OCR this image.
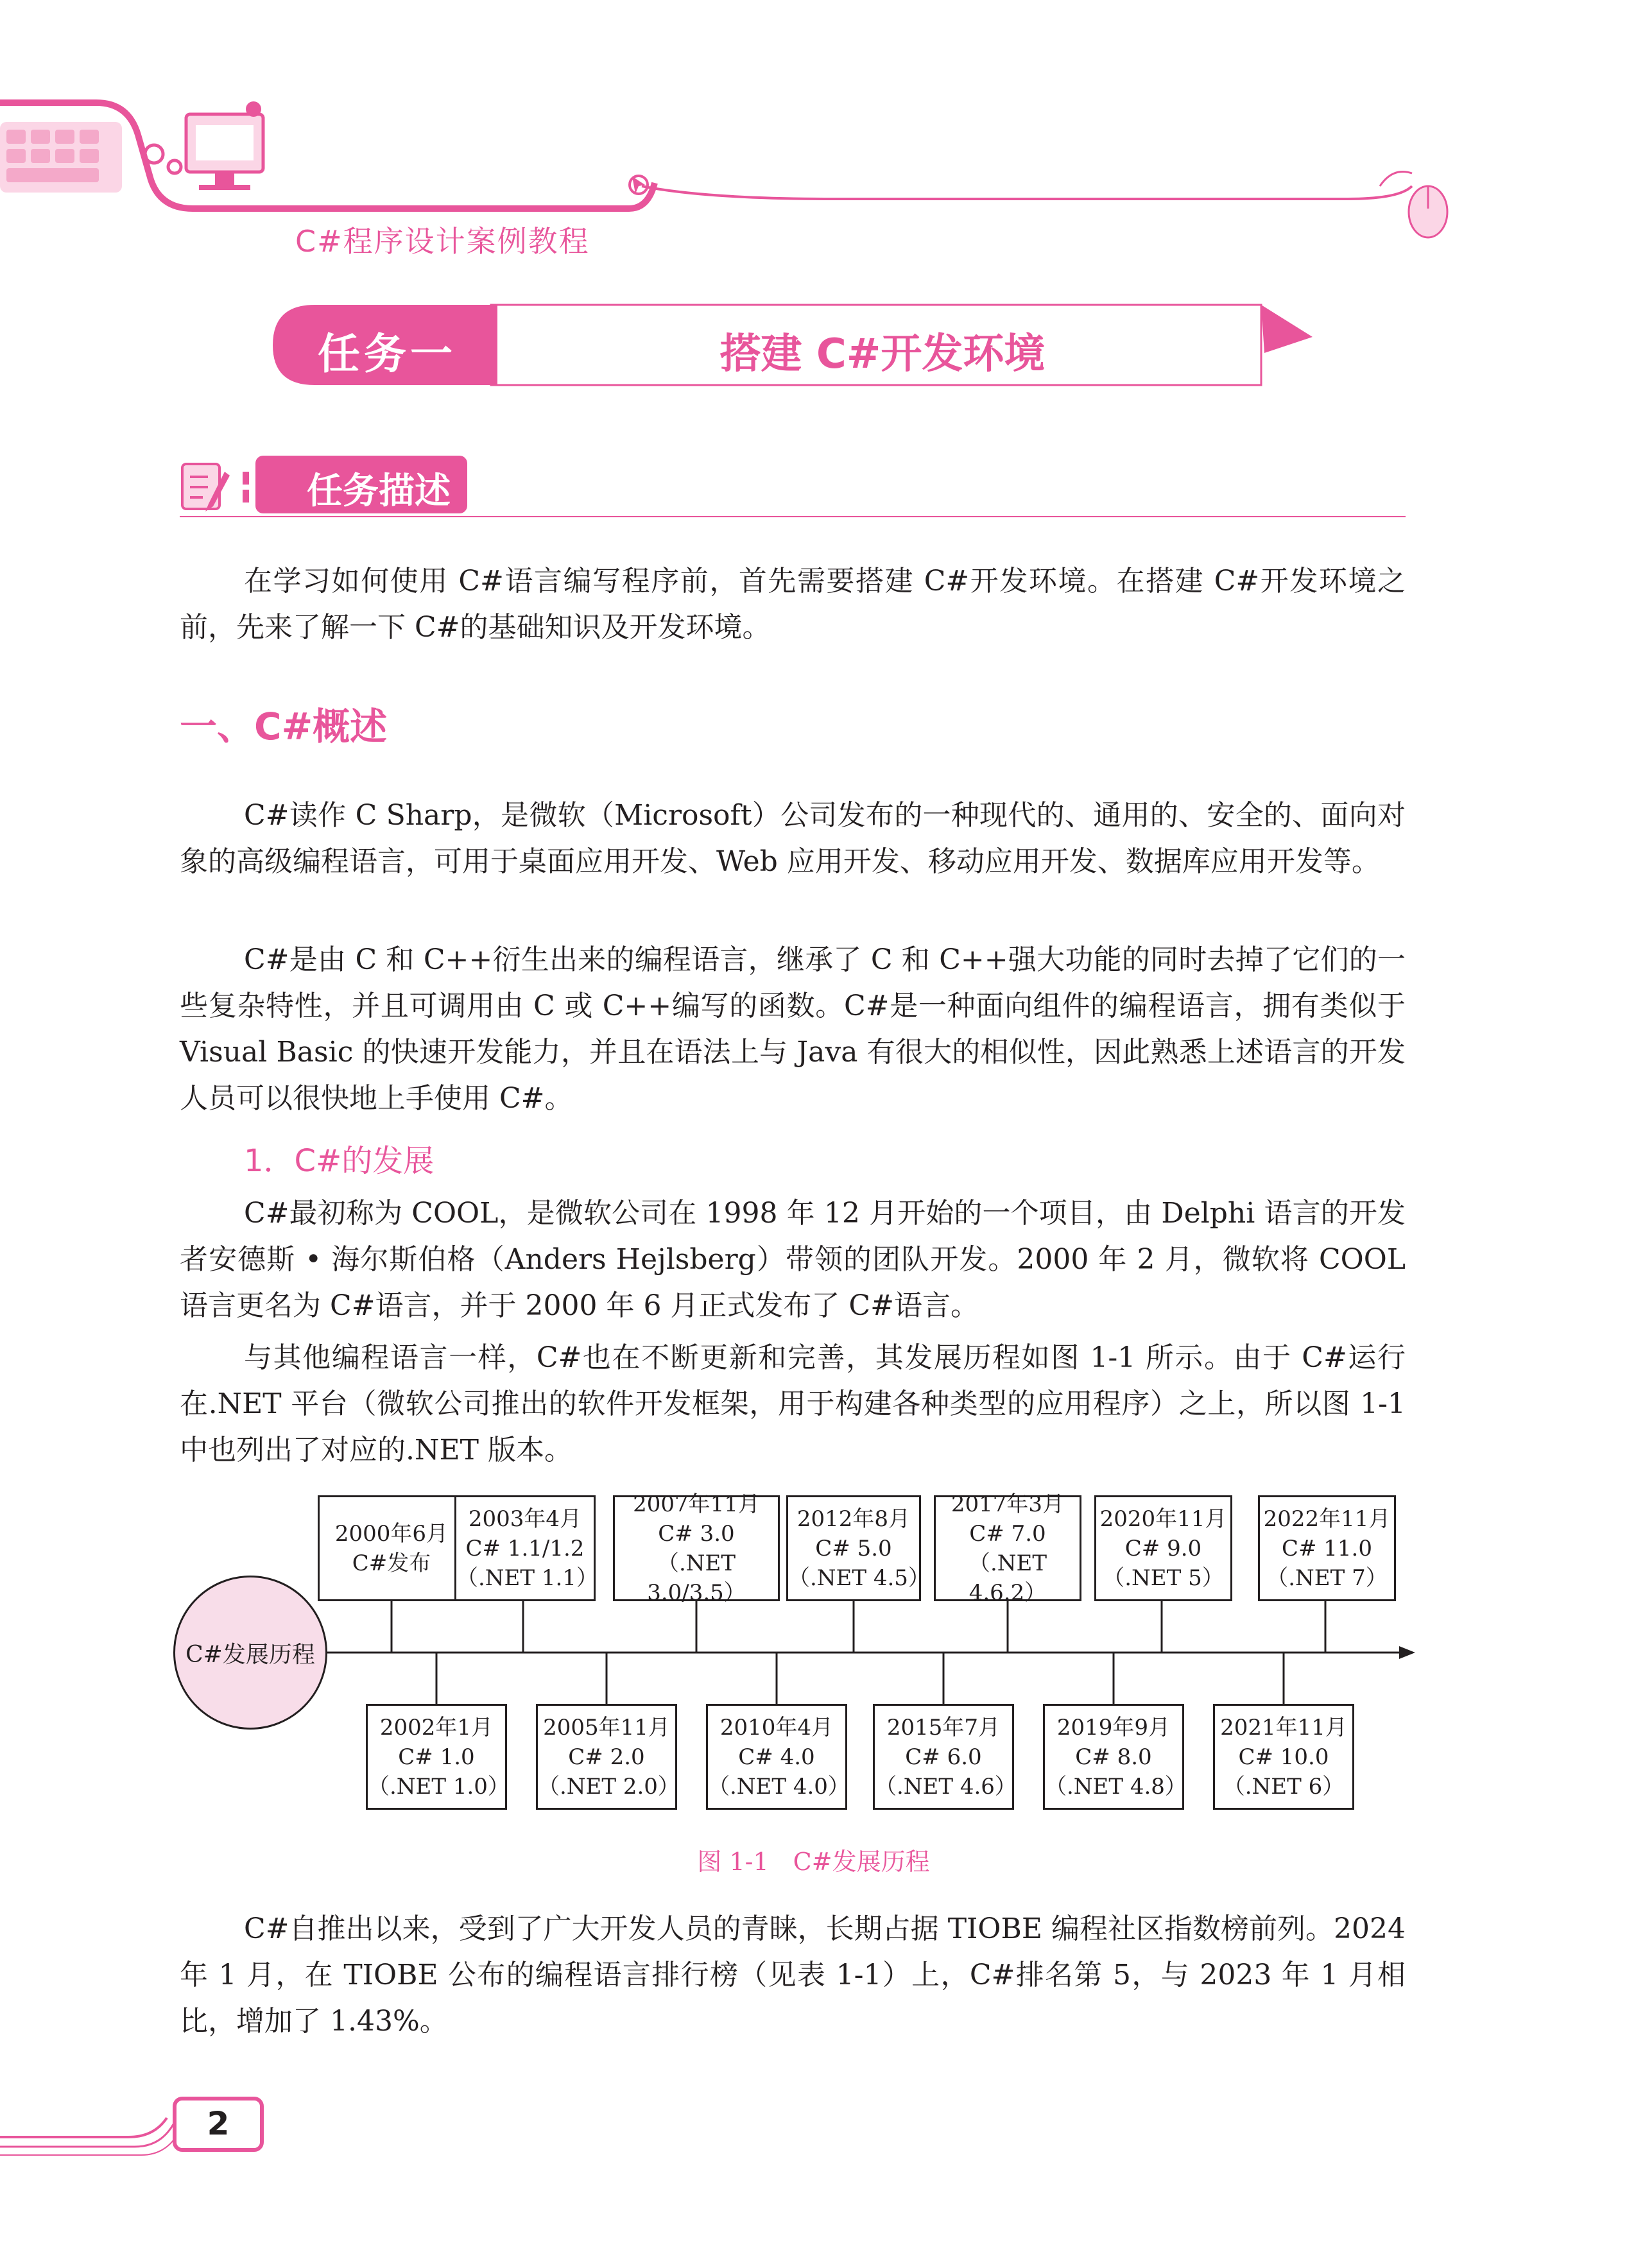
C#程序设计案例教程
任务一	搭建 C#开发环境
任务描述

在学习如何使用 C#语言编写程序前，首先需要搭建 C#开发环境。在搭建 C#开发环境之前，先来了解一下 C#的基础知识及开发环境。

一、C#概述

C#读作 C Sharp，是微软（Microsoft）公司发布的一种现代的、通用的、安全的、面向对象的高级编程语言，可用于桌面应用开发、Web 应用开发、移动应用开发、数据库应用开发等。

C#是由 C 和 C++衍生出来的编程语言，继承了 C 和 C++强大功能的同时去掉了它们的一些复杂特性，并且可调用由 C 或 C++编写的函数。C#是一种面向组件的编程语言，拥有类似于 Visual Basic 的快速开发能力，并且在语法上与 Java 有很大的相似性，因此熟悉上述语言的开发人员可以很快地上手使用 C#。

1．C#的发展

C#最初称为 COOL，是微软公司在 1998 年 12 月开始的一个项目，由 Delphi 语言的开发者安德斯 • 海尔斯伯格（Anders Hejlsberg）带领的团队开发。2000 年 2 月，微软将 COOL 语言更名为 C#语言，并于 2000 年 6 月正式发布了 C#语言。

与其他编程语言一样，C#也在不断更新和完善，其发展历程如图 1-1 所示。由于 C#运行在.NET 平台（微软公司推出的软件开发框架，用于构建各种类型的应用程序）之上，所以图 1-1 中也列出了对应的.NET 版本。

C#发展历程
2000年6月
C#发布
2003年4月
C# 1.1/1.2
（.NET 1.1）
2007年11月
C# 3.0
（.NET 3.0/3.5）
2012年8月
C# 5.0
（.NET 4.5）
2017年3月
C# 7.0
（.NET 4.6.2）
2020年11月
C# 9.0
（.NET 5）
2022年11月
C# 11.0
（.NET 7）
2002年1月
C# 1.0
（.NET 1.0）
2005年11月
C# 2.0
（.NET 2.0）
2010年4月
C# 4.0
（.NET 4.0）
2015年7月
C# 6.0
（.NET 4.6）
2019年9月
C# 8.0
（.NET 4.8）
2021年11月
C# 10.0
（.NET 6）
图 1-1　C#发展历程

C#自推出以来，受到了广大开发人员的青睐，长期占据 TIOBE 编程社区指数榜前列。2024 年 1 月，在 TIOBE 公布的编程语言排行榜（见表 1-1）上，C#排名第 5，与 2023 年 1 月相比，增加了 1.43%。

2
